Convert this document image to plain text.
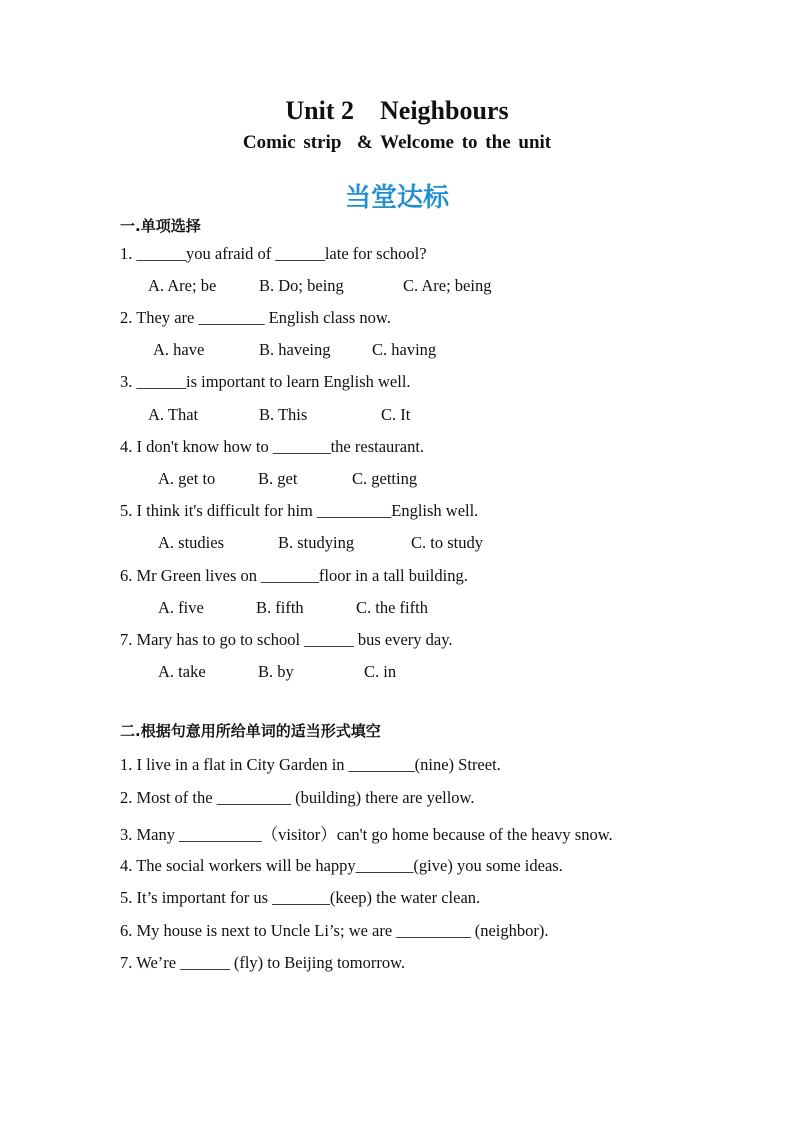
Unit 2    Neighbours
Comic strip  & Welcome to the unit
当堂达标
一.单项选择
1. ______you afraid of ______late for school?
A. Are; be	B. Do; being	C. Are; being
2. They are ________ English class now.
A. have	B. haveing	C. having
3. ______is important to learn English well.
A. That	B. This	C. It
4. I don't know how to _______the restaurant.
A. get to	B. get	C. getting
5. I think it's difficult for him _________English well.
A. studies	B. studying	C. to study
6. Mr Green lives on _______floor in a tall building.
A. five	B. fifth	C. the fifth
7. Mary has to go to school ______ bus every day.
A. take	B. by	C. in
二.根据句意用所给单词的适当形式填空
1. I live in a flat in City Garden in ________(nine) Street.
2. Most of the _________ (building) there are yellow.
3. Many __________（visitor）can't go home because of the heavy snow.
4. The social workers will be happy_______(give) you some ideas.
5. It’s important for us _______(keep) the water clean.
6. My house is next to Uncle Li’s; we are _________ (neighbor).
7. We’re ______ (fly) to Beijing tomorrow.
